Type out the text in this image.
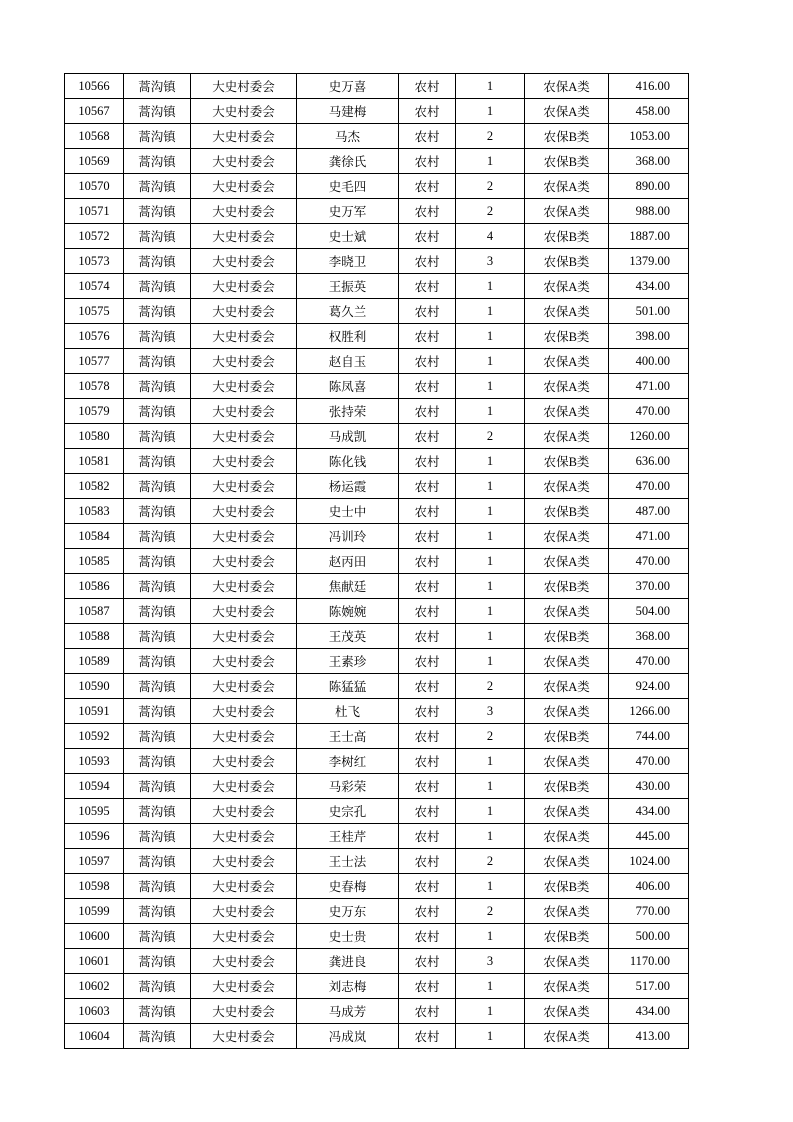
10566	蒿沟镇	大史村委会	史万喜	农村	1	农保A类	416.00
10567	蒿沟镇	大史村委会	马建梅	农村	1	农保A类	458.00
10568	蒿沟镇	大史村委会	马杰	农村	2	农保B类	1053.00
10569	蒿沟镇	大史村委会	龚徐氏	农村	1	农保B类	368.00
10570	蒿沟镇	大史村委会	史毛四	农村	2	农保A类	890.00
10571	蒿沟镇	大史村委会	史万军	农村	2	农保A类	988.00
10572	蒿沟镇	大史村委会	史士斌	农村	4	农保B类	1887.00
10573	蒿沟镇	大史村委会	李晓卫	农村	3	农保B类	1379.00
10574	蒿沟镇	大史村委会	王振英	农村	1	农保A类	434.00
10575	蒿沟镇	大史村委会	葛久兰	农村	1	农保A类	501.00
10576	蒿沟镇	大史村委会	权胜利	农村	1	农保B类	398.00
10577	蒿沟镇	大史村委会	赵自玉	农村	1	农保A类	400.00
10578	蒿沟镇	大史村委会	陈凤喜	农村	1	农保A类	471.00
10579	蒿沟镇	大史村委会	张持荣	农村	1	农保A类	470.00
10580	蒿沟镇	大史村委会	马成凯	农村	2	农保A类	1260.00
10581	蒿沟镇	大史村委会	陈化钱	农村	1	农保B类	636.00
10582	蒿沟镇	大史村委会	杨运霞	农村	1	农保A类	470.00
10583	蒿沟镇	大史村委会	史士中	农村	1	农保B类	487.00
10584	蒿沟镇	大史村委会	冯训玲	农村	1	农保A类	471.00
10585	蒿沟镇	大史村委会	赵丙田	农村	1	农保A类	470.00
10586	蒿沟镇	大史村委会	焦献廷	农村	1	农保B类	370.00
10587	蒿沟镇	大史村委会	陈婉婉	农村	1	农保A类	504.00
10588	蒿沟镇	大史村委会	王茂英	农村	1	农保B类	368.00
10589	蒿沟镇	大史村委会	王素珍	农村	1	农保A类	470.00
10590	蒿沟镇	大史村委会	陈猛猛	农村	2	农保A类	924.00
10591	蒿沟镇	大史村委会	杜飞	农村	3	农保A类	1266.00
10592	蒿沟镇	大史村委会	王士高	农村	2	农保B类	744.00
10593	蒿沟镇	大史村委会	李树红	农村	1	农保A类	470.00
10594	蒿沟镇	大史村委会	马彩荣	农村	1	农保B类	430.00
10595	蒿沟镇	大史村委会	史宗孔	农村	1	农保A类	434.00
10596	蒿沟镇	大史村委会	王桂芹	农村	1	农保A类	445.00
10597	蒿沟镇	大史村委会	王士法	农村	2	农保A类	1024.00
10598	蒿沟镇	大史村委会	史春梅	农村	1	农保B类	406.00
10599	蒿沟镇	大史村委会	史万东	农村	2	农保A类	770.00
10600	蒿沟镇	大史村委会	史士贵	农村	1	农保B类	500.00
10601	蒿沟镇	大史村委会	龚进良	农村	3	农保A类	1170.00
10602	蒿沟镇	大史村委会	刘志梅	农村	1	农保A类	517.00
10603	蒿沟镇	大史村委会	马成芳	农村	1	农保A类	434.00
10604	蒿沟镇	大史村委会	冯成岚	农村	1	农保A类	413.00
